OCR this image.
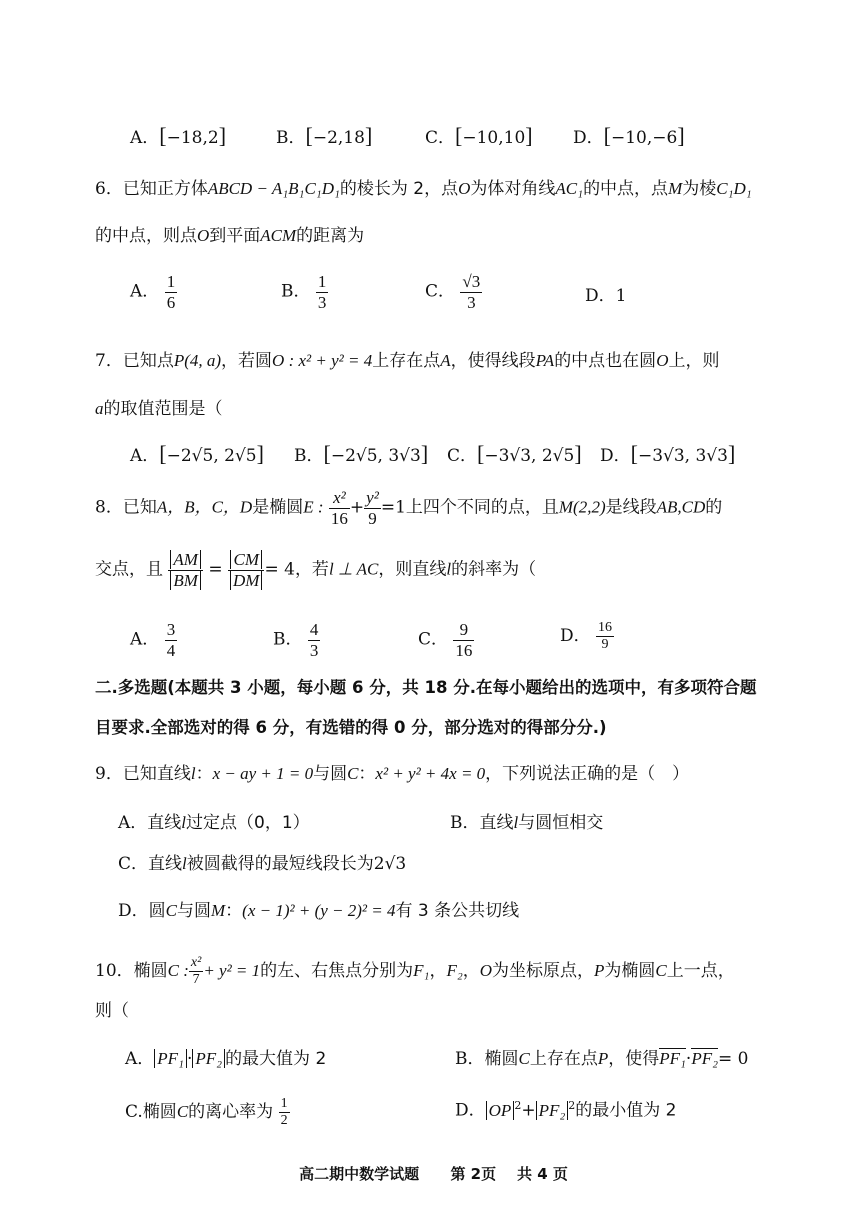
A．[−18,2]	B．[−2,18]	C．[−10,10] D．[−10,−6]
6．已知正方体ABCD − A₁B₁C₁D₁的棱长为 2，点O为体对角线AC₁的中点，点M为棱C₁D₁
的中点，则点O到平面ACM的距离为
A． $\frac{1}{6}$	B． $\frac{1}{3}$	C． $\frac{√3}{3}$	D．1
7．已知点P(4, a)，若圆O : x² + y² = 4上存在点A，使得线段PA的中点也在圆O上，则
a的取值范围是（
A．[−2√5, 2√5] B．[−2√5, 3√3] C．[−3√3, 2√5] D．[−3√3, 3√3]
8．已知A，B，C，D是椭圆E : $\frac{\text{x²}}{16} + \frac{\text{y²}}{9} =1$上四个不同的点，且M(2,2)是线段AB,CD的
交点，且 $\frac{AM}{BM} = \frac{CM}{DM} = 4$，若l ⊥ AC，则直线l的斜率为（
A． $\frac{3}{4}$	B． $\frac{4}{3}$	C． $\frac{9}{16}$	D． $\frac{16}{9}$
二.多选题(本题共 3 小题，每小题 6 分，共 18 分.在每小题给出的选项中，有多项符合题
目要求.全部选对的得 6 分，有选错的得 0 分，部分选对的得部分分.)
9．已知直线l：x − ay + 1 = 0与圆C：x² + y² + 4x = 0，下列说法正确的是（　）
A．直线l过定点（0，1）	B．直线l与圆恒相交
C．直线l被圆截得的最短线段长为2√3
D．圆C与圆M：(x − 1)² + (y − 2)² = 4有 3 条公共切线
10．椭圆C : $\frac{\text{x²}}{7} + y^2 = 1$的左、右焦点分别为F₁，F₂，O为坐标原点，P为椭圆C上一点，
则（
A． PF₁ · PF₂ 的最大值为 2	B．椭圆C上存在点P，使得PF₁·PF₂= 0
C.椭圆C的离心率为 $\frac{1}{2}$	D． OP $^2$+ PF₂ $^2$的最小值为 2
高二期中数学试题 第 2页 共 4 页
